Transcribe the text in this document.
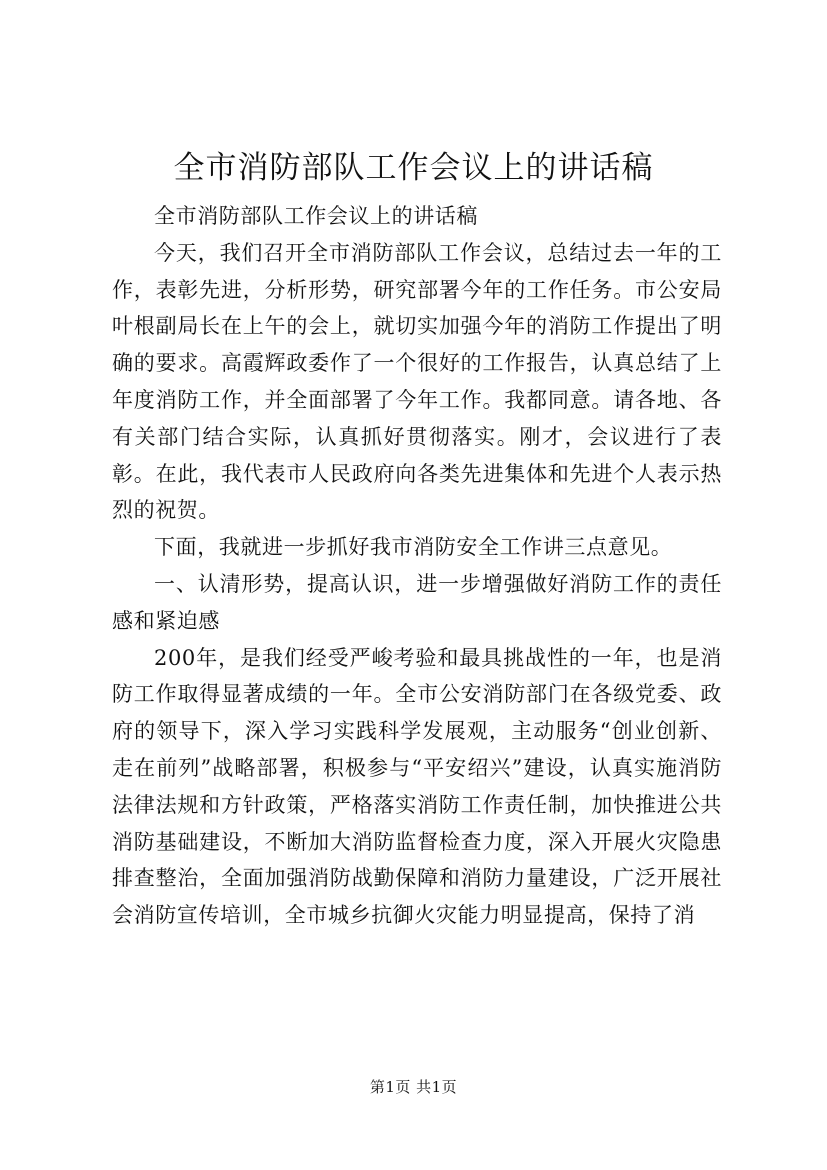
全市消防部队工作会议上的讲话稿

全市消防部队工作会议上的讲话稿

今天，我们召开全市消防部队工作会议，总结过去一年的工作，表彰先进，分析形势，研究部署今年的工作任务。市公安局叶根副局长在上午的会上，就切实加强今年的消防工作提出了明确的要求。高霞辉政委作了一个很好的工作报告，认真总结了上年度消防工作，并全面部署了今年工作。我都同意。请各地、各有关部门结合实际，认真抓好贯彻落实。刚才，会议进行了表彰。在此，我代表市人民政府向各类先进集体和先进个人表示热烈的祝贺。

下面，我就进一步抓好我市消防安全工作讲三点意见。

一、认清形势，提高认识，进一步增强做好消防工作的责任感和紧迫感

200年，是我们经受严峻考验和最具挑战性的一年，也是消防工作取得显著成绩的一年。全市公安消防部门在各级党委、政府的领导下，深入学习实践科学发展观，主动服务“创业创新、走在前列”战略部署，积极参与“平安绍兴”建设，认真实施消防法律法规和方针政策，严格落实消防工作责任制，加快推进公共消防基础建设，不断加大消防监督检查力度，深入开展火灾隐患排查整治，全面加强消防战勤保障和消防力量建设，广泛开展社会消防宣传培训，全市城乡抗御火灾能力明显提高，保持了消

第1页 共1页
